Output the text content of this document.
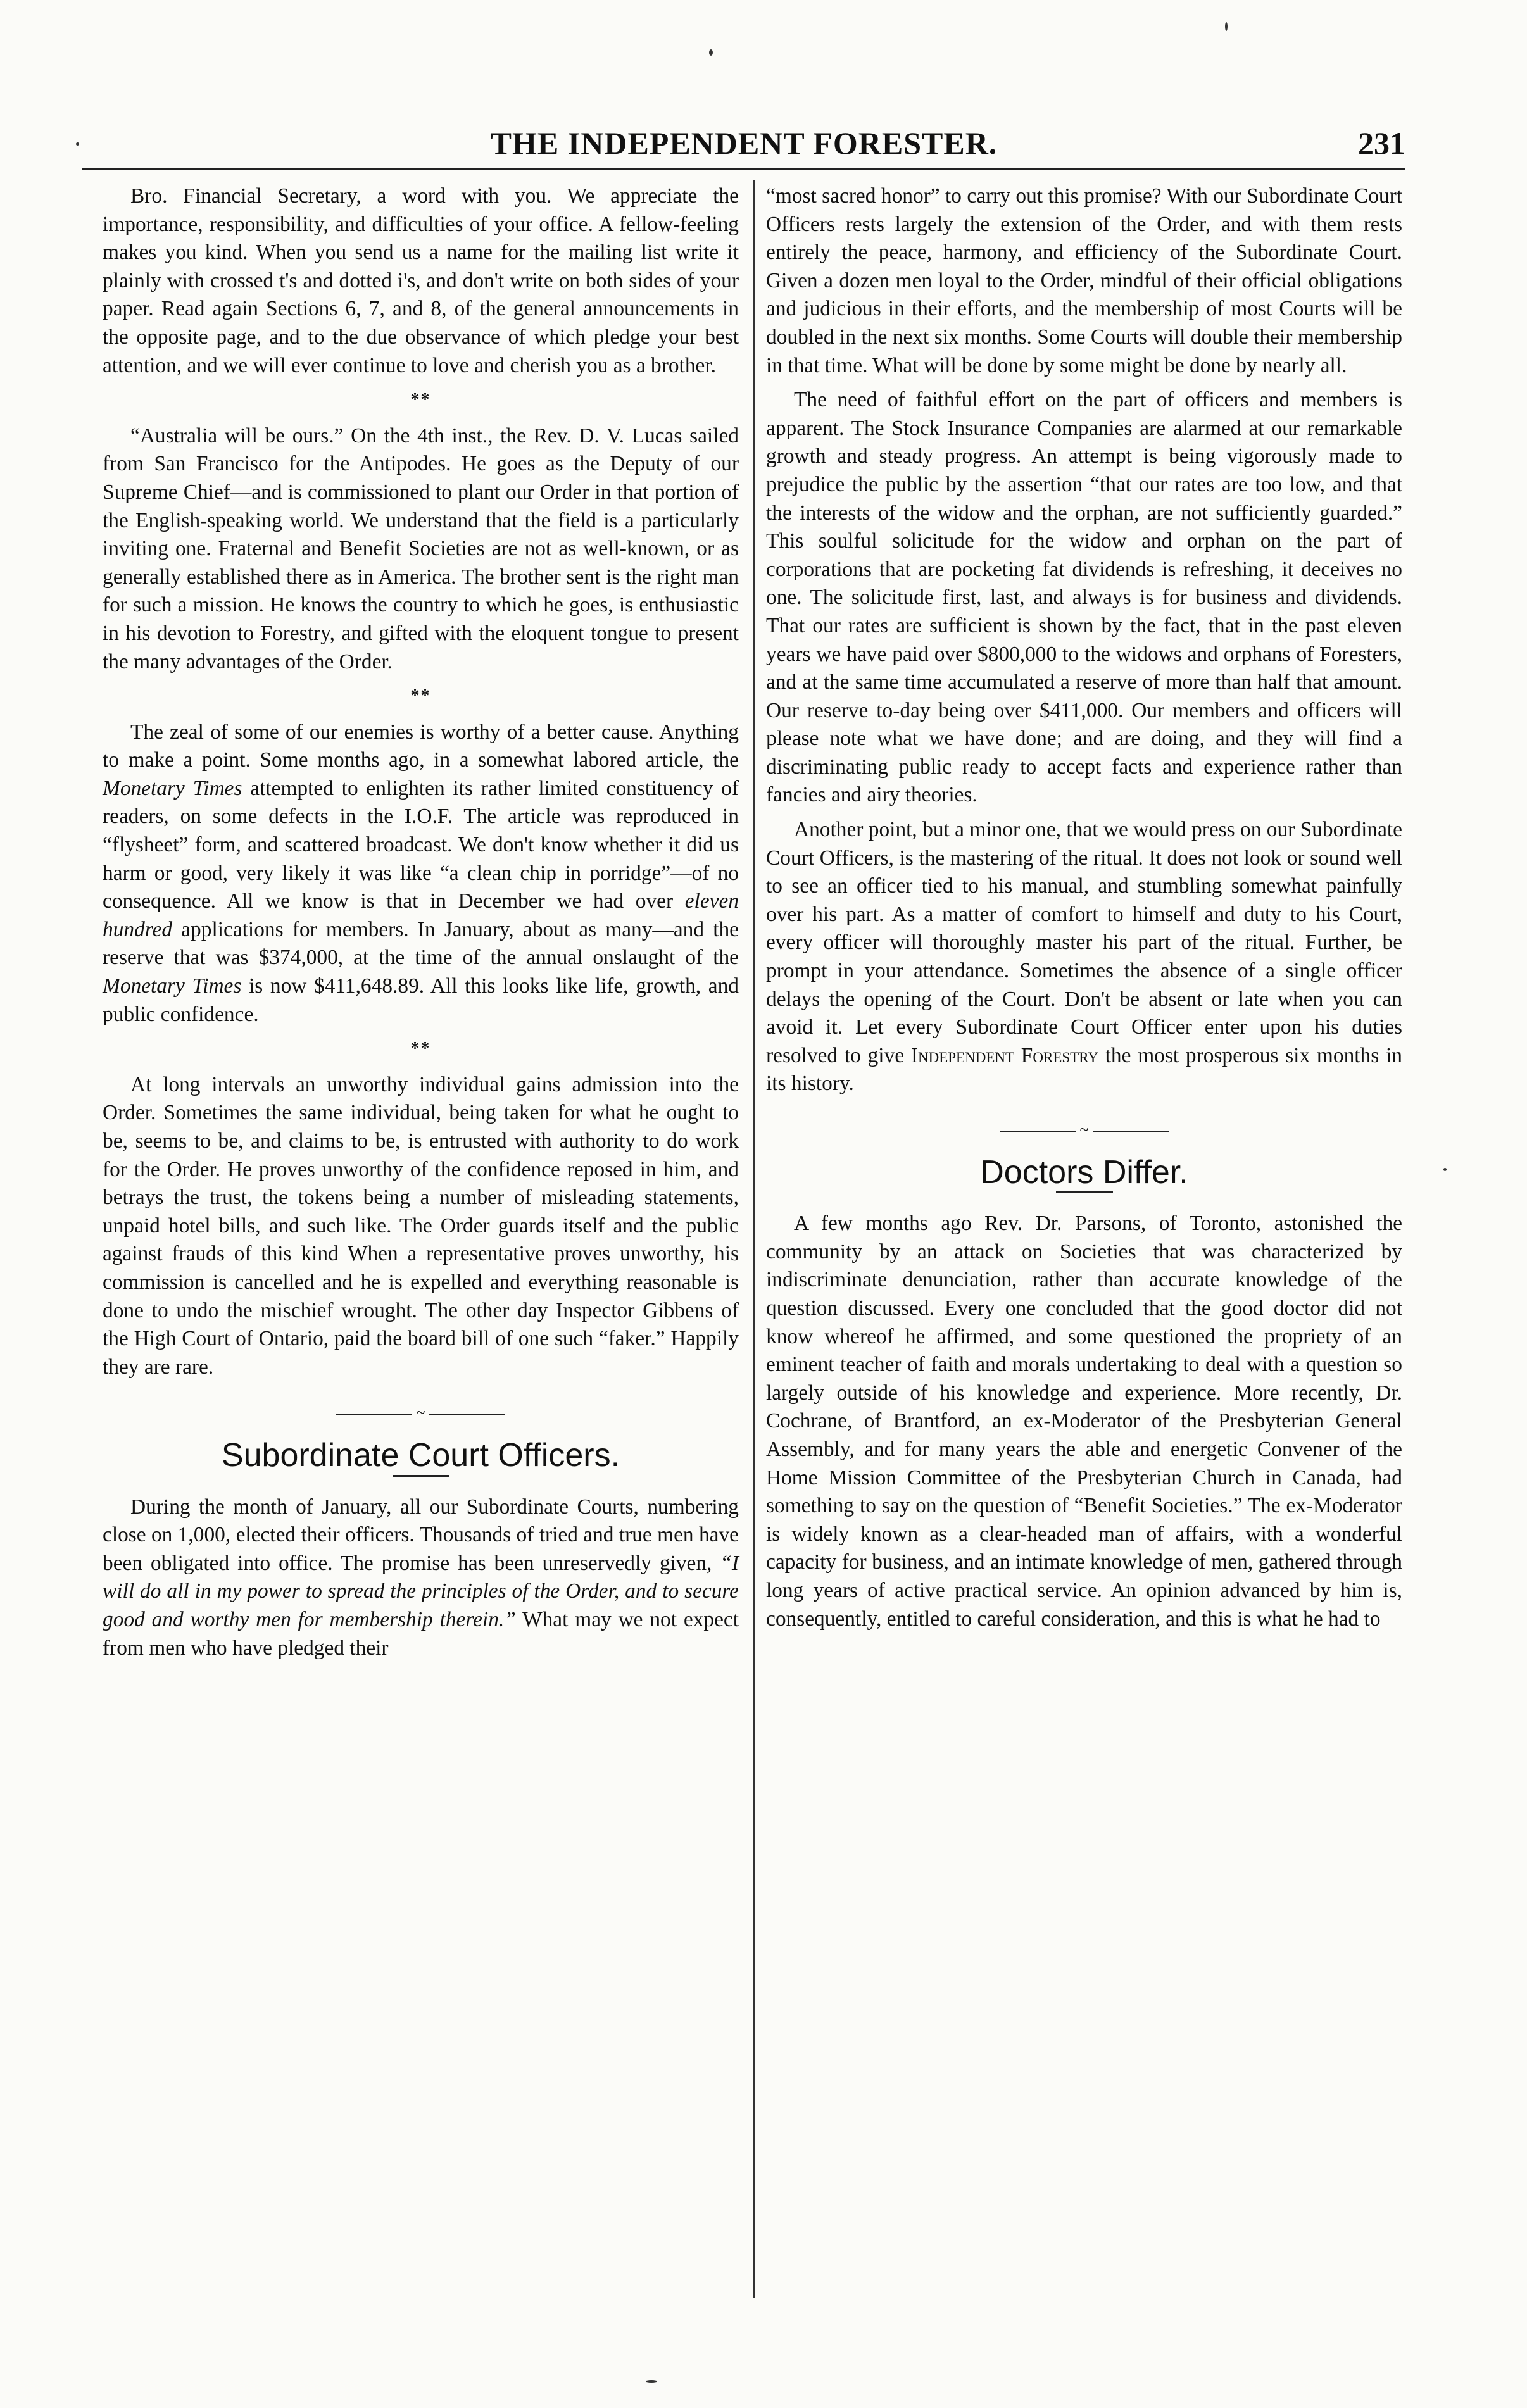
THE INDEPENDENT FORESTER.	231

Bro. Financial Secretary, a word with you. We appreciate the importance, responsibility, and difficulties of your office. A fellow-feeling makes you kind. When you send us a name for the mailing list write it plainly with crossed t's and dotted i's, and don't write on both sides of your paper. Read again Sections 6, 7, and 8, of the general announcements in the opposite page, and to the due observance of which pledge your best attention, and we will ever continue to love and cherish you as a brother.

**

“Australia will be ours.” On the 4th inst., the Rev. D. V. Lucas sailed from San Francisco for the Antipodes. He goes as the Deputy of our Supreme Chief—and is commissioned to plant our Order in that portion of the English-speaking world. We understand that the field is a particularly inviting one. Fraternal and Benefit Societies are not as well-known, or as generally established there as in America. The brother sent is the right man for such a mission. He knows the country to which he goes, is enthusiastic in his devotion to Forestry, and gifted with the eloquent tongue to present the many advantages of the Order.

**

The zeal of some of our enemies is worthy of a better cause. Anything to make a point. Some months ago, in a somewhat labored article, the Monetary Times attempted to enlighten its rather limited constituency of readers, on some defects in the I.O.F. The article was reproduced in “flysheet” form, and scattered broadcast. We don't know whether it did us harm or good, very likely it was like “a clean chip in porridge”—of no consequence. All we know is that in December we had over eleven hundred applications for members. In January, about as many—and the reserve that was $374,000, at the time of the annual onslaught of the Monetary Times is now $411,648.89. All this looks like life, growth, and public confidence.

**

At long intervals an unworthy individual gains admission into the Order. Sometimes the same individual, being taken for what he ought to be, seems to be, and claims to be, is entrusted with authority to do work for the Order. He proves unworthy of the confidence reposed in him, and betrays the trust, the tokens being a number of misleading statements, unpaid hotel bills, and such like. The Order guards itself and the public against frauds of this kind When a representative proves unworthy, his commission is cancelled and he is expelled and everything reasonable is done to undo the mischief wrought. The other day Inspector Gibbens of the High Court of Ontario, paid the board bill of one such “faker.” Happily they are rare.

~
Subordinate Court Officers.

During the month of January, all our Subordinate Courts, numbering close on 1,000, elected their officers. Thousands of tried and true men have been obligated into office. The promise has been unreservedly given, “I will do all in my power to spread the principles of the Order, and to secure good and worthy men for membership therein.” What may we not expect from men who have pledged their

“most sacred honor” to carry out this promise? With our Subordinate Court Officers rests largely the extension of the Order, and with them rests entirely the peace, harmony, and efficiency of the Subordinate Court. Given a dozen men loyal to the Order, mindful of their official obligations and judicious in their efforts, and the membership of most Courts will be doubled in the next six months. Some Courts will double their membership in that time. What will be done by some might be done by nearly all.

The need of faithful effort on the part of officers and members is apparent. The Stock Insurance Companies are alarmed at our remarkable growth and steady progress. An attempt is being vigorously made to prejudice the public by the assertion “that our rates are too low, and that the interests of the widow and the orphan, are not sufficiently guarded.” This soulful solicitude for the widow and orphan on the part of corporations that are pocketing fat dividends is refreshing, it deceives no one. The solicitude first, last, and always is for business and dividends. That our rates are sufficient is shown by the fact, that in the past eleven years we have paid over $800,000 to the widows and orphans of Foresters, and at the same time accumulated a reserve of more than half that amount. Our reserve to-day being over $411,000. Our members and officers will please note what we have done; and are doing, and they will find a discriminating public ready to accept facts and experience rather than fancies and airy theories.

Another point, but a minor one, that we would press on our Subordinate Court Officers, is the mastering of the ritual. It does not look or sound well to see an officer tied to his manual, and stumbling somewhat painfully over his part. As a matter of comfort to himself and duty to his Court, every officer will thoroughly master his part of the ritual. Further, be prompt in your attendance. Sometimes the absence of a single officer delays the opening of the Court. Don't be absent or late when you can avoid it. Let every Subordinate Court Officer enter upon his duties resolved to give Independent Forestry the most prosperous six months in its history.

~
Doctors Differ.

A few months ago Rev. Dr. Parsons, of Toronto, astonished the community by an attack on Societies that was characterized by indiscriminate denunciation, rather than accurate knowledge of the question discussed. Every one concluded that the good doctor did not know whereof he affirmed, and some questioned the propriety of an eminent teacher of faith and morals undertaking to deal with a question so largely outside of his knowledge and experience. More recently, Dr. Cochrane, of Brantford, an ex-Moderator of the Presbyterian General Assembly, and for many years the able and energetic Convener of the Home Mission Committee of the Presbyterian Church in Canada, had something to say on the question of “Benefit Societies.” The ex-Moderator is widely known as a clear-headed man of affairs, with a wonderful capacity for business, and an intimate knowledge of men, gathered through long years of active practical service. An opinion advanced by him is, consequently, entitled to careful consideration, and this is what he had to
